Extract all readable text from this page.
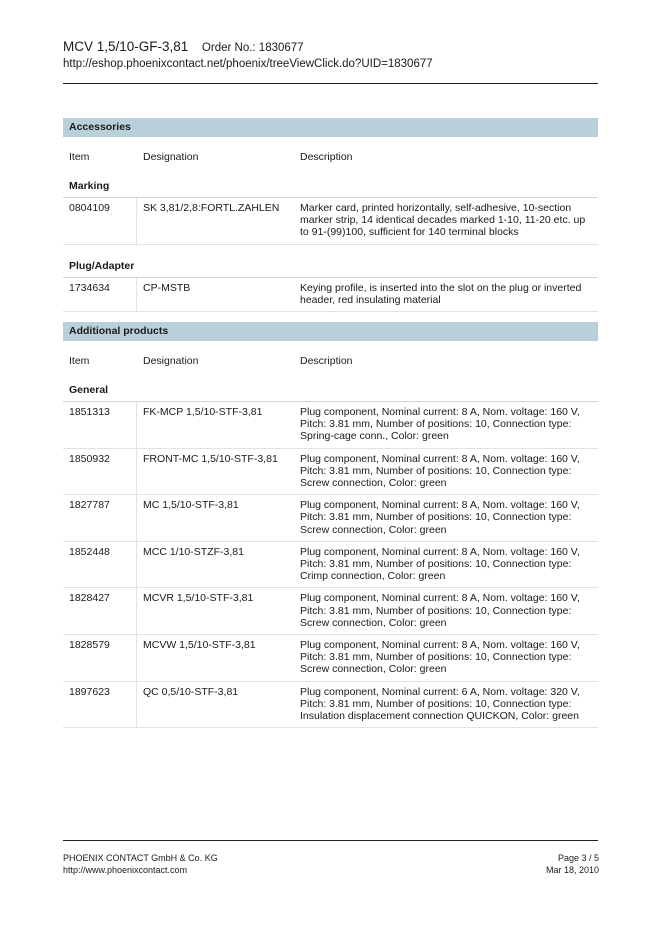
MCV 1,5/10-GF-3,81 Order No.: 1830677
http://eshop.phoenixcontact.net/phoenix/treeViewClick.do?UID=1830677
Accessories
Item	Designation	Description
Marking
0804109	SK 3,81/2,8:FORTL.ZAHLEN	Marker card, printed horizontally, self-adhesive, 10-section marker strip, 14 identical decades marked 1-10, 11-20 etc. up to 91-(99)100, sufficient for 140 terminal blocks
Plug/Adapter
1734634	CP-MSTB	Keying profile, is inserted into the slot on the plug or inverted header, red insulating material
Additional products
Item	Designation	Description
General
1851313	FK-MCP 1,5/10-STF-3,81	Plug component, Nominal current: 8 A, Nom. voltage: 160 V, Pitch: 3.81 mm, Number of positions: 10, Connection type: Spring-cage conn., Color: green
1850932	FRONT-MC 1,5/10-STF-3,81	Plug component, Nominal current: 8 A, Nom. voltage: 160 V, Pitch: 3.81 mm, Number of positions: 10, Connection type: Screw connection, Color: green
1827787	MC 1,5/10-STF-3,81	Plug component, Nominal current: 8 A, Nom. voltage: 160 V, Pitch: 3.81 mm, Number of positions: 10, Connection type: Screw connection, Color: green
1852448	MCC 1/10-STZF-3,81	Plug component, Nominal current: 8 A, Nom. voltage: 160 V, Pitch: 3.81 mm, Number of positions: 10, Connection type: Crimp connection, Color: green
1828427	MCVR 1,5/10-STF-3,81	Plug component, Nominal current: 8 A, Nom. voltage: 160 V, Pitch: 3.81 mm, Number of positions: 10, Connection type: Screw connection, Color: green
1828579	MCVW 1,5/10-STF-3,81	Plug component, Nominal current: 8 A, Nom. voltage: 160 V, Pitch: 3.81 mm, Number of positions: 10, Connection type: Screw connection, Color: green
1897623	QC 0,5/10-STF-3,81	Plug component, Nominal current: 6 A, Nom. voltage: 320 V, Pitch: 3.81 mm, Number of positions: 10, Connection type: Insulation displacement connection QUICKON, Color: green
PHOENIX CONTACT GmbH & Co. KG
http://www.phoenixcontact.com
Page 3 / 5
Mar 18, 2010
